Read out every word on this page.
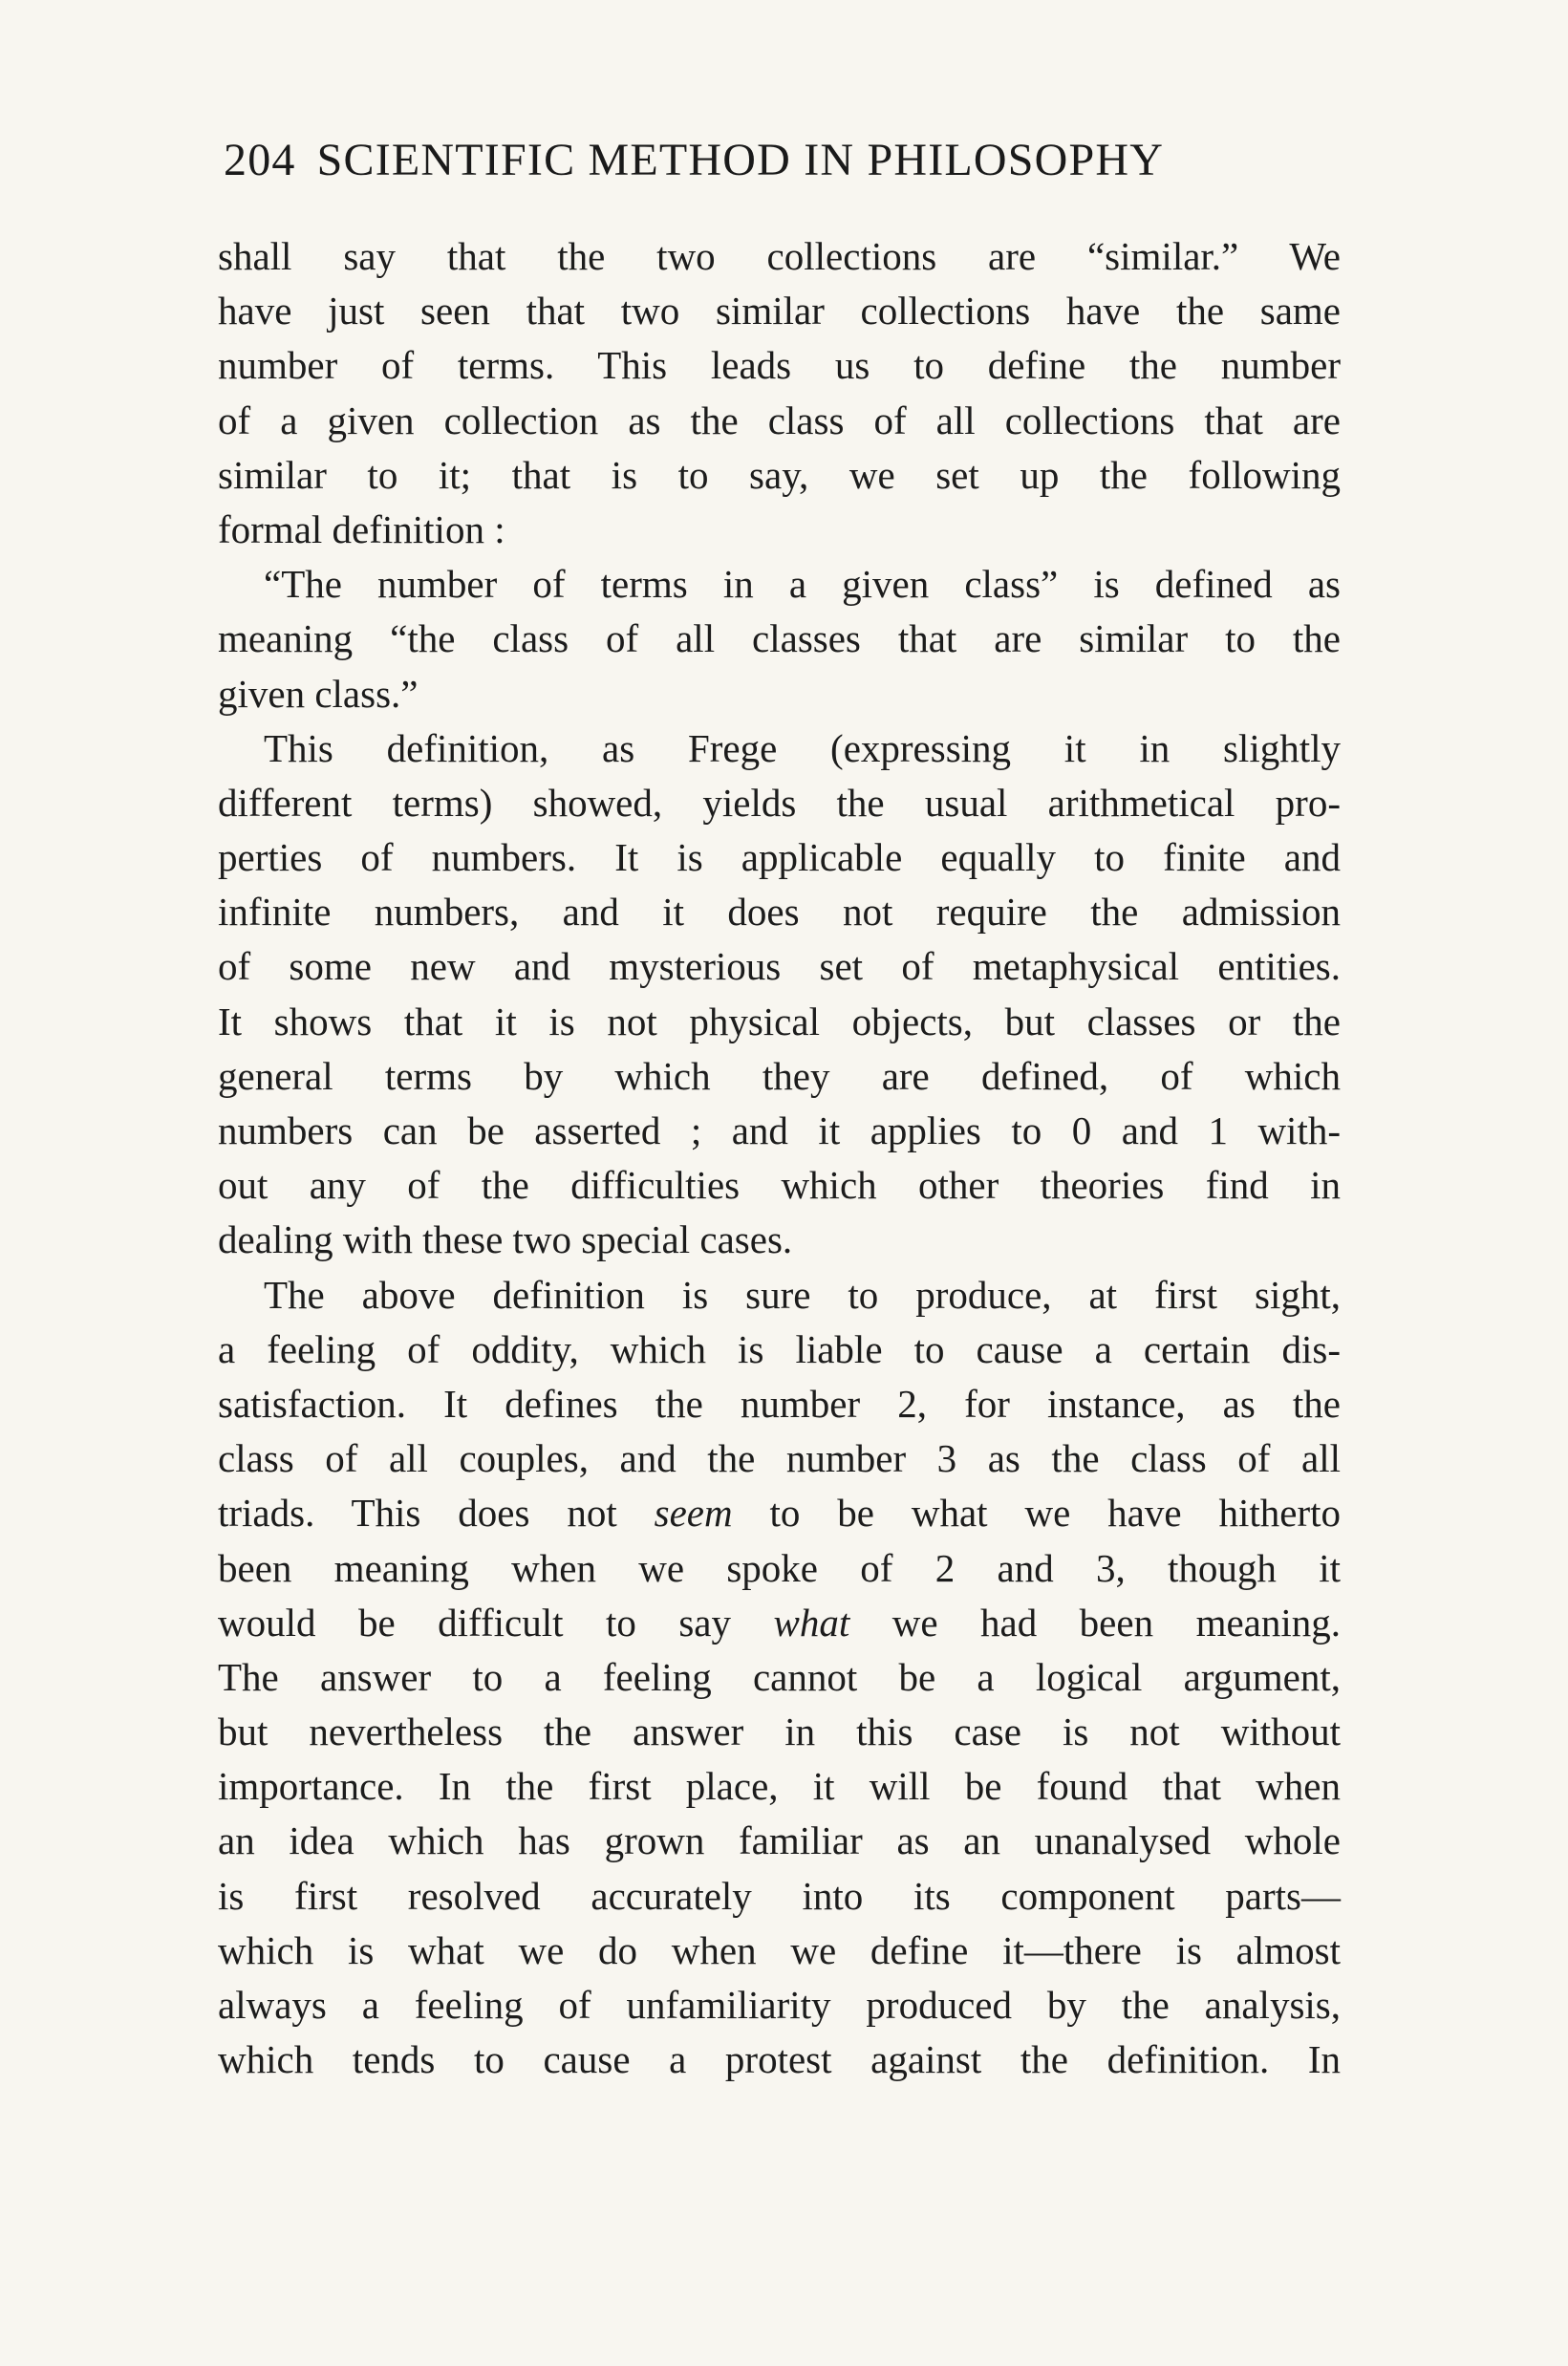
204 SCIENTIFIC METHOD IN PHILOSOPHY
shall say that the two collections are “similar.” We
have just seen that two similar collections have the same
number of terms. This leads us to define the number
of a given collection as the class of all collections that are
similar to it; that is to say, we set up the following
formal definition :
“The number of terms in a given class” is defined as
meaning “the class of all classes that are similar to the
given class.”
This definition, as Frege (expressing it in slightly
different terms) showed, yields the usual arithmetical pro-
perties of numbers. It is applicable equally to finite and
infinite numbers, and it does not require the admission
of some new and mysterious set of metaphysical entities.
It shows that it is not physical objects, but classes or the
general terms by which they are defined, of which
numbers can be asserted ; and it applies to 0 and 1 with-
out any of the difficulties which other theories find in
dealing with these two special cases.
The above definition is sure to produce, at first sight,
a feeling of oddity, which is liable to cause a certain dis-
satisfaction. It defines the number 2, for instance, as the
class of all couples, and the number 3 as the class of all
triads. This does not seem to be what we have hitherto
been meaning when we spoke of 2 and 3, though it
would be difficult to say what we had been meaning.
The answer to a feeling cannot be a logical argument,
but nevertheless the answer in this case is not without
importance. In the first place, it will be found that when
an idea which has grown familiar as an unanalysed whole
is first resolved accurately into its component parts—
which is what we do when we define it—there is almost
always a feeling of unfamiliarity produced by the analysis,
which tends to cause a protest against the definition. In
